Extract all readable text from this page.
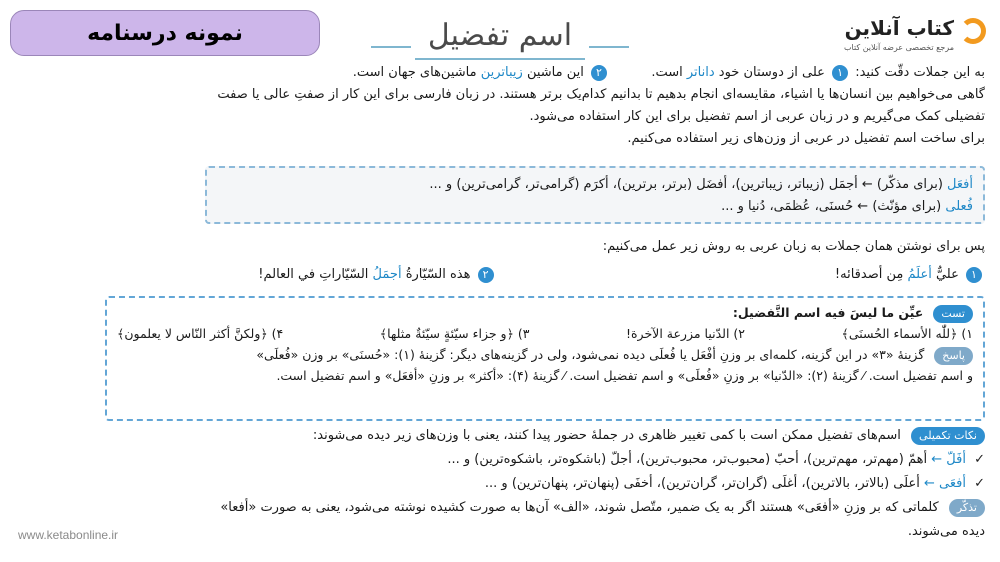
نمونه درسنامه	اسم تفضیل	کتاب آنلاین
مرجع تخصصی عرضه آنلاین کتاب
به این جملات دقّت کنید: ۱ علی از دوستان خود داناتر است.          ۲ این ماشین زیباترین ماشین‌های جهان است.
گاهی می‌خواهیم بین انسان‌ها یا اشیاء، مقایسه‌ای انجام بدهیم تا بدانیم کدام‌یک برتر هستند. در زبان فارسی برای این کار از صفتِ عالی یا صفت
تفضیلی کمک می‌گیریم و در زبان عربی از اسم تفضیل برای این کار استفاده می‌شود.
برای ساخت اسم تفضیل در عربی از وزن‌های زیر استفاده می‌کنیم.
أفعَل (برای مذکّر) ← أجمَل (زیباتر، زیباترین)، أفضَل (برتر، برترین)، أکرَم (گرامی‌تر، گرامی‌ترین) و ...
فُعلی (برای مؤنّث) ← حُسنَی، عُظمَی، دُنیا و ...
پس برای نوشتن همان جملات به زبان عربی به روش زیر عمل می‌کنیم:
۱ عليٌّ أعلَمُ مِن أصدقائه!  ۲ هذه السّيّارةُ أجمَلُ السّيّاراتِ في العالم!
تست عيِّن ما ليسَ فيه اسم التَّفضيل:
۱) ﴿للّٰه الأسماء الحُسنَی﴾
۲) الدّنيا مزرعة الآخرة!
۳) ﴿و جزاء سيّئةٍ سيّئةٌ مثلها﴾
۴) ﴿ولكنَّ أكثر النّاس لا يعلمون﴾
پاسخ گزینهٔ «۳» در این گزینه، کلمه‌ای بر وزنِ أفْعَل یا فُعلَی دیده نمی‌شود، ولی در گزینه‌های دیگر: گزینهٔ (۱): «حُسنَی» بر وزن «فُعلَی»
و اسم تفضیل است. ⁄ گزینهٔ (۲): «الدّنيا» بر وزنِ «فُعلَی» و اسم تفضیل است. ⁄ گزینهٔ (۴): «أكثر» بر وزنِ «أفعَل» و اسم تفضیل است.
نکات تکمیلی اسم‌های تفضیل ممکن است با کمی تغییر ظاهری در جملهٔ حضور پیدا کنند، یعنی با وزن‌های زیر دیده می‌شوند:
✓ أفَلّ ← أهمّ (مهم‌تر، مهم‌ترین)، أحبّ (محبوب‌تر، محبوب‌ترین)، أجلّ (باشکوه‌تر، باشکوه‌ترین) و ...
✓ أفعَی ← أعلَی (بالاتر، بالاترین)، أغلَی (گران‌تر، گران‌ترین)، أخفَی (پنهان‌تر، پنهان‌ترین) و ...
تذکّر کلماتی که بر وزنِ «أفعَی» هستند اگر به یک ضمیر، متّصل شوند، «الف» آن‌ها به صورت کشیده نوشته می‌شود، یعنی به صورت «أفعا»
دیده می‌شوند.
www.ketabonline.ir
